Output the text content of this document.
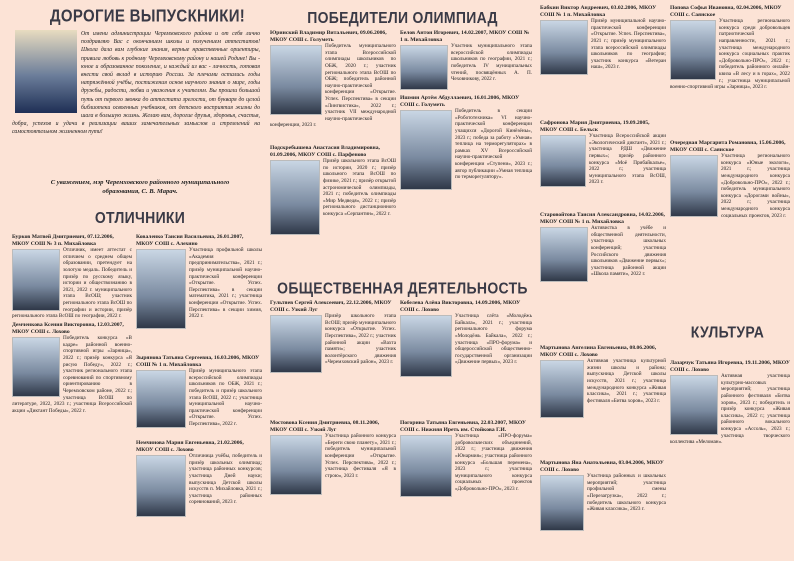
ДОРОГИЕ ВЫПУСКНИКИ!
От имени администрации Черемховского района и от себя лично поздравляю Вас с окончанием школы и получением аттестатов! Школа дала вам глубокие знания, верные нравственные ориентиры, привила любовь к родному Черемховскому району и нашей Родине! Вы - юное и образованное поколение, и каждый из вас - личность, готовая внести свой вклад в историю России. За плечами остались годы напряжённой учёбы, постижения основ научного знания о мире, годы дружбы, радости, любви и уважения к учителям. Вы прошли большой путь от первого звонка до аттестата зрелости, от букваря до целой библиотеки освоенных учебников, от детского восприятия жизни до шага в большую жизнь. Желаю вам, дорогие друзья, здоровья, счастья, добра, успехов и удачи в реализации ваших замечательных замыслов и стремлений на самостоятельном жизненном пути!
С уважением, мэр Черемховского районного муниципального образования, С. В. Марач.
ОТЛИЧНИКИ
ПОБЕДИТЕЛИ ОЛИМПИАД
ОБЩЕСТВЕННАЯ ДЕЯТЕЛЬНОСТЬ
КУЛЬТУРА
Бурков Матвей Дмитриевич, 07.12.2006, МКОУ СОШ № 3 п. Михайловка
Отличник, имеет аттестат с отличием о среднем общем образовании, претендует на золотую медаль. Победитель и призёр по русскому языку, истории и обществознанию в 2021, 2022 г. муниципального этапа ВсОШ; участник регионального этапа ВсОШ по географии и истории, призёр регионального этапа ВсОШ по географии, 2022 г.
Коваленко Таисия Васильевна, 26.01.2007, МКОУ СОШ с. Алехино
Участница профильной школы «Академия предпринимательства», 2021 г.; призёр муниципальной научно-практической конференции «Открытие. Успех. Перспектива» в секции математика, 2021 г.; участница конференции «Открытие. Успех. Перспектива» в секции химия, 2022 г.
Демченкова Ксения Викторовна, 12.03.2007, МКОУ СОШ с. Лохово
Победитель конкурса «В кадре» районной военно-спортивной игры «Зарница», 2022 г.; призёр конкурса «Я рисую Победу», 2022 г.; участник регионального этапа соревнований по спортивному ориентированию в Черемховском районе, 2022 г.; участница ВсОШ по литературе, 2022, 2023 г.; участница Всероссийской акции «Диктант Победы», 2022 г.
Зырянова Татьяна Сергеевна, 16.03.2006, МКОУ СОШ № 1 п. Михайловка
Призёр муниципального этапа всероссийской олимпиады школьников по ОБЖ, 2021 г.; победитель и призёр школьного этапа ВсОШ, 2022 г.; участница муниципальной научно-практической конференции «Открытие. Успех. Перспектива», 2022 г.
Немчинова Мария Евгеньевна, 21.02.2006, МКОУ СОШ с. Лохово
Отличница учёбы, победитель и призёр школьных олимпиад; участница районных конкурсов; участница Дней науки; выпускница Детской школы искусств п. Михайловка, 2021 г.; участница районных соревнований, 2023 г.
Юринский Владимир Витальевич, 09.06.2006, МКОУ СОШ с. Голуметь
Победитель муниципального этапа Всероссийской олимпиады школьников по ОБЖ, 2020 г.; участник регионального этапа ВсОШ по ОБЖ; победитель районной научно-практической конференции «Открытие. Успех. Перспектива» в секции «Лингвистика», 2022 г.; участник VII международной научно-практической конференции, 2023 г.
Белов Антон Игоревич, 14.02.2007, МКОУ СОШ № 1 п. Михайловка
Участник муниципального этапа всероссийской олимпиады школьников по географии, 2021 г.; победитель IV муниципальных чтений, посвящённых А. П. Чеховникову, 2022 г.
Подскребышева Анастасия Владимировна, 01.09.2006, МКОУ СОШ с. Парфеново
Призёр школьного этапа ВсОШ по истории, 2020 г.; призёр школьного этапа ВсОШ по физике, 2021 г.; призёр открытой астрономической олимпиады, 2021 г.; победитель олимпиады «Мир Медведя», 2022 г.; призёр регионального дистанционного конкурса «Серпантин», 2022 г.
Ишмин Артём Абдуллаевич, 16.01.2006, МКОУ СОШ с. Голуметь
Победитель в секции «Робототехника» VI научно-практической конференции учащихся «Дорогой Кинёзёны», 2023 г.; победа за работу «Умная» теплица на терморегуляторах» в рамках XV Всероссийской научно-практической конференции «Ступени», 2023 г.; автор публикации «Умная теплица по терморегулятору».
Гультяев Сергей Алексеевич, 22.12.2006, МКОУ СОШ с. Узкий Луг
Призёр школьного этапа ВсОШ; призёр муниципального конкурса «Открытие. Успех. Перспектива», 2022 г.; участник районной акции «Вахта памяти»; участник волонтёрского движения «Черемховский район», 2023 г.
Кобелева Алёна Викторовна, 14.09.2006, МКОУ СОШ с. Лохово
Участница слёта «Молодёжь Байкала», 2021 г.; участница регионального форума «Молодёжь Байкала», 2022 г.; участница «ПРО-форума» и общероссийской общественно-государственной организации «Движение первых», 2023 г.
Мостовова Ксения Дмитриевна, 08.11.2006, МКОУ СОШ с. Узкий Луг
Участница районного конкурса «Береги свою планету», 2021 г.; победитель муниципальной конференции «Открытие. Успех. Перспектива», 2022 г.; участница фестиваля «Я в строю», 2023 г.
Погорина Татьяна Евгеньевна, 22.03.2007, МКОУ СОШ с. Нижняя Иреть им. Стойкова Г.И.
Участница «ПРО-форума» добровольческих объединений, 2022 г.; участница движения «Юнармия»; участница районного конкурса «Большая перемена», 2023 г.; участница муниципального конкурса социальных проектов «Добровольно-ПРО», 2023 г.
Бабкин Виктор Андреевич, 03.02.2006, МКОУ СОШ № 1 п. Михайловка
Призёр муниципальной научно-практической конференции «Открытие. Успех. Перспектива», 2021 г.; призёр муниципального этапа всероссийской олимпиады школьников по географии; участник конкурса «Ветеран наш», 2023 г.
Попова Софья Ивановна, 02.04.2006, МКОУ СОШ с. Саянское
Участница регионального конкурса среди добровольцев патриотической направленности, 2021 г.; участница международного конкурса социальных практик «Добровольно-ПРО», 2022 г.; победитель районного онлайн-квиза «В лесу и в горах», 2022 г.; участница муниципальной военно-спортивной игры «Зарница», 2023 г.
Сафронова Мария Дмитриевна, 19.09.2005, МКОУ СОШ с. Бельск
Участница Всероссийской акции «Экологический диктант», 2021 г.; участница РДШ «Движение первых»; призёр районного конкурса «Моё Прибайкалье», 2022 г.; участница муниципального этапа ВсОШ, 2023 г.
Очередная Маргарита Романовна, 15.06.2006, МКОУ СОШ с. Саянское
Участница регионального конкурса «Юные экологи», 2021 г.; участница международного конкурса «Добровольно-ПРО», 2022 г.; победитель муниципального конкурса «Дорогами войны», 2022 г.; участница международного конкурса социальных проектов, 2023 г.
Старовойтова Таисия Александровна, 14.02.2006, МКОУ СОШ № 1 п. Михайловка
Активистка в учёбе и общественной деятельности, участница школьных конференций; участница Российского движения школьников «Движение первых»; участница районной акции «Школа памяти», 2022 г.
Мартынова Ангелина Евгеньевна, 08.06.2006, МКОУ СОШ с. Лохово
Активная участница культурной жизни школы и района; выпускница Детской школы искусств, 2021 г.; участница международного конкурса «Живая классика», 2021 г.; участница фестиваля «Битва хоров», 2023 г.
Лазарчук Татьяна Игоревна, 19.11.2006, МКОУ СОШ с. Лохово
Активная участница культурно-массовых мероприятий; участница районного фестиваля «Битва хоров», 2023 г.; победитель и призёр конкурса «Живая классика», 2022 г.; участница районного вокального конкурса «Ассоль», 2023 г.; участница творческого коллектива «Меломан».
Мартынова Яна Анатольевна, 03.04.2006, МКОУ СОШ с. Лохово
Участница районных и школьных мероприятий; участница профильной смены «Перезагрузка», 2022 г.; победитель школьного конкурса «Живая классика», 2023 г.
